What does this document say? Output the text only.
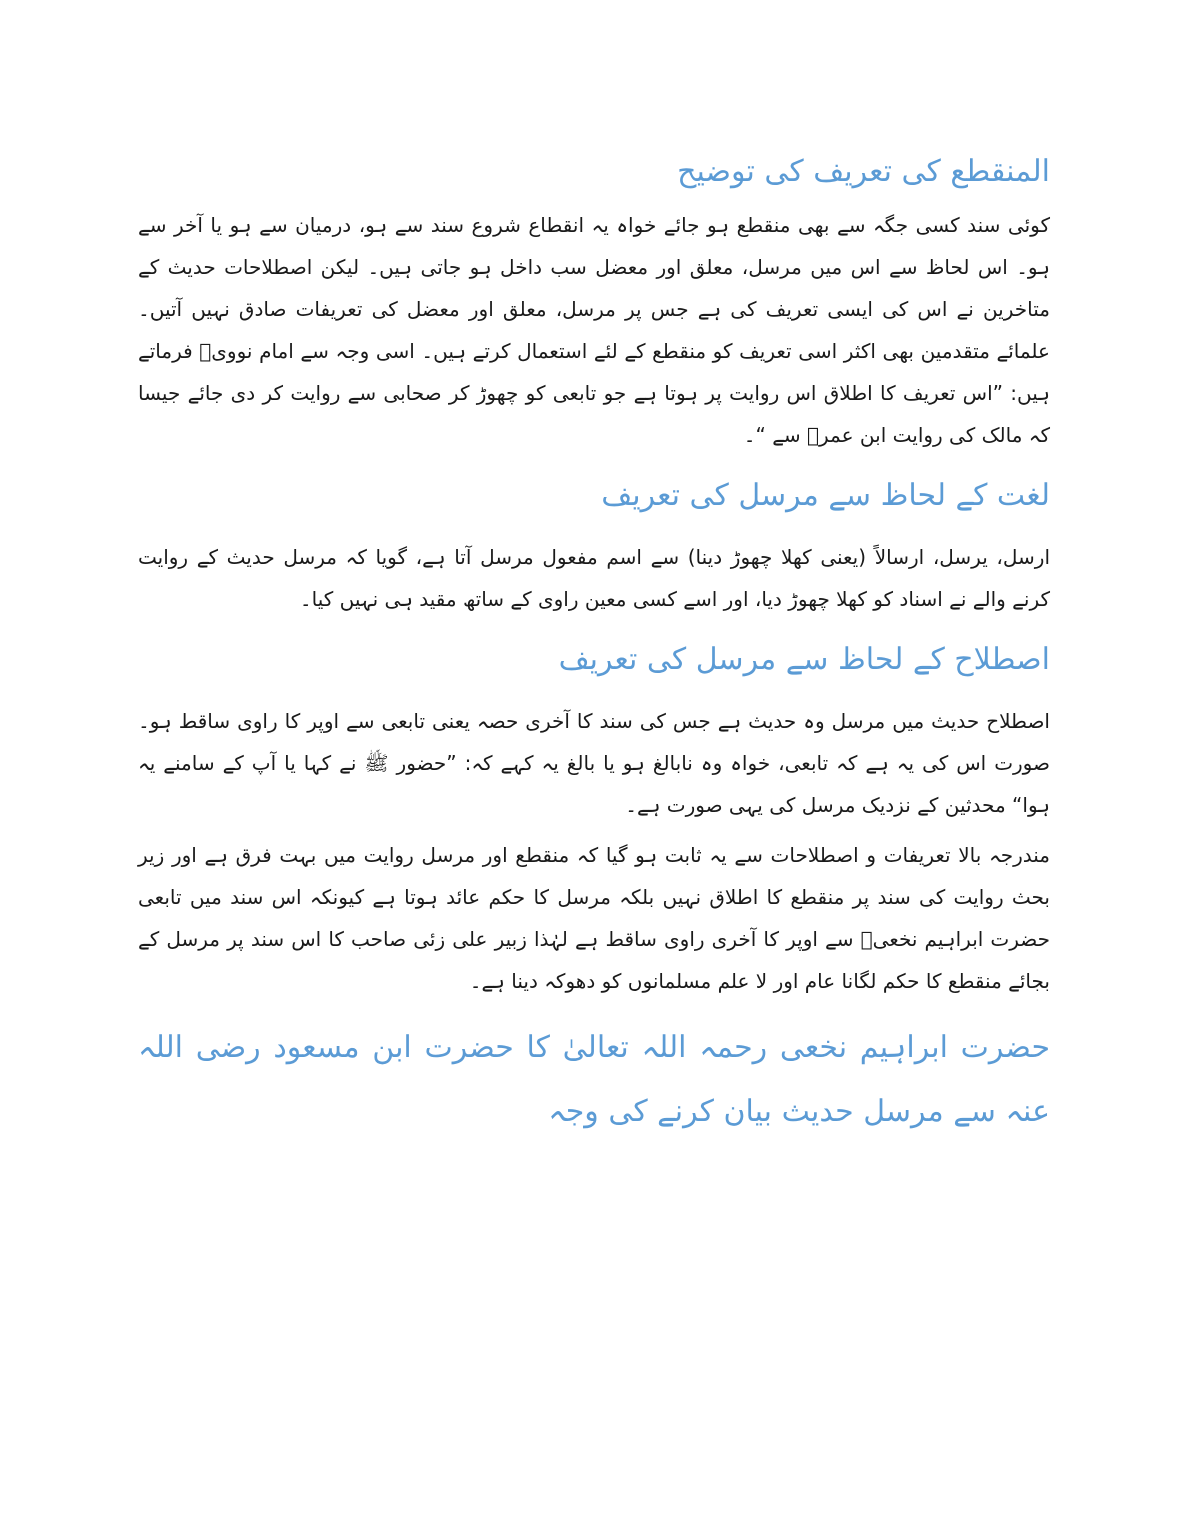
المنقطع کی تعریف کی توضیح

کوئی سند کسی جگہ سے بھی منقطع ہو جائے خواہ یہ انقطاع شروع سند سے ہو، درمیان سے ہو یا آخر سے ہو۔ اس لحاظ سے اس میں مرسل، معلق اور معضل سب داخل ہو جاتی ہیں۔ لیکن اصطلاحات حدیث کے متاخرین نے اس کی ایسی تعریف کی ہے جس پر مرسل، معلق اور معضل کی تعریفات صادق نہیں آتیں۔ علمائے متقدمین بھی اکثر اسی تعریف کو منقطع کے لئے استعمال کرتے ہیں۔ اسی وجہ سے امام نوویؒ فرماتے ہیں: ”اس تعریف کا اطلاق اس روایت پر ہوتا ہے جو تابعی کو چھوڑ کر صحابی سے روایت کر دی جائے جیسا کہ مالک کی روایت ابن عمرؓ سے “۔

لغت کے لحاظ سے مرسل کی تعریف

ارسل، یرسل، ارسالاً (یعنی کھلا چھوڑ دینا) سے اسم مفعول مرسل آتا ہے، گویا کہ مرسل حدیث کے روایت کرنے والے نے اسناد کو کھلا چھوڑ دیا، اور اسے کسی معین راوی کے ساتھ مقید ہی نہیں کیا۔

اصطلاح کے لحاظ سے مرسل کی تعریف

اصطلاح حدیث میں مرسل وہ حدیث ہے جس کی سند کا آخری حصہ یعنی تابعی سے اوپر کا راوی ساقط ہو۔ صورت اس کی یہ ہے کہ تابعی، خواہ وہ نابالغ ہو یا بالغ یہ کہے کہ: ”حضور ﷺ نے کہا یا آپ کے سامنے یہ ہوا“ محدثین کے نزدیک مرسل کی یہی صورت ہے۔

مندرجہ بالا تعریفات و اصطلاحات سے یہ ثابت ہو گیا کہ منقطع اور مرسل روایت میں بہت فرق ہے اور زیر بحث روایت کی سند پر منقطع کا اطلاق نہیں بلکہ مرسل کا حکم عائد ہوتا ہے کیونکہ اس سند میں تابعی حضرت ابراہیم نخعیؒ سے اوپر کا آخری راوی ساقط ہے لہٰذا زبیر علی زئی صاحب کا اس سند پر مرسل کے بجائے منقطع کا حکم لگانا عام اور لا علم مسلمانوں کو دھوکہ دینا ہے۔

حضرت ابراہیم نخعی رحمہ اللہ تعالیٰ کا حضرت ابن مسعود رضی اللہ عنہ سے مرسل حدیث بیان کرنے کی وجہ
